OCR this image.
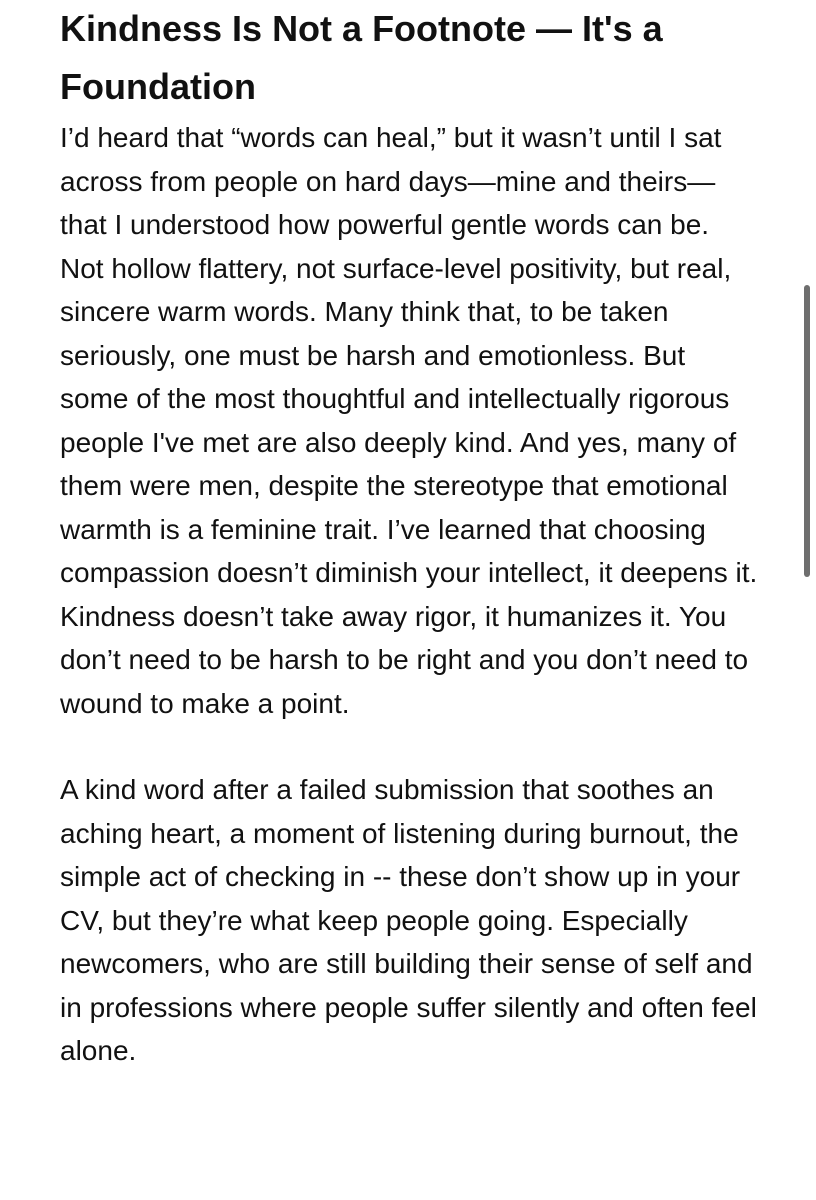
Kindness Is Not a Footnote — It's a Foundation

I’d heard that “words can heal,” but it wasn’t until I sat across from people on hard days—mine and theirs—that I understood how powerful gentle words can be. Not hollow flattery, not surface-level positivity, but real, sincere warm words. Many think that, to be taken seriously, one must be harsh and emotionless. But some of the most thoughtful and intellectually rigorous people I've met are also deeply kind. And yes, many of them were men, despite the stereotype that emotional warmth is a feminine trait. I’ve learned that choosing compassion doesn’t diminish your intellect, it deepens it. Kindness doesn’t take away rigor, it humanizes it. You don’t need to be harsh to be right and you don’t need to wound to make a point.

A kind word after a failed submission that soothes an aching heart, a moment of listening during burnout, the simple act of checking in -- these don’t show up in your CV, but they’re what keep people going. Especially newcomers, who are still building their sense of self and in professions where people suffer silently and often feel alone.
